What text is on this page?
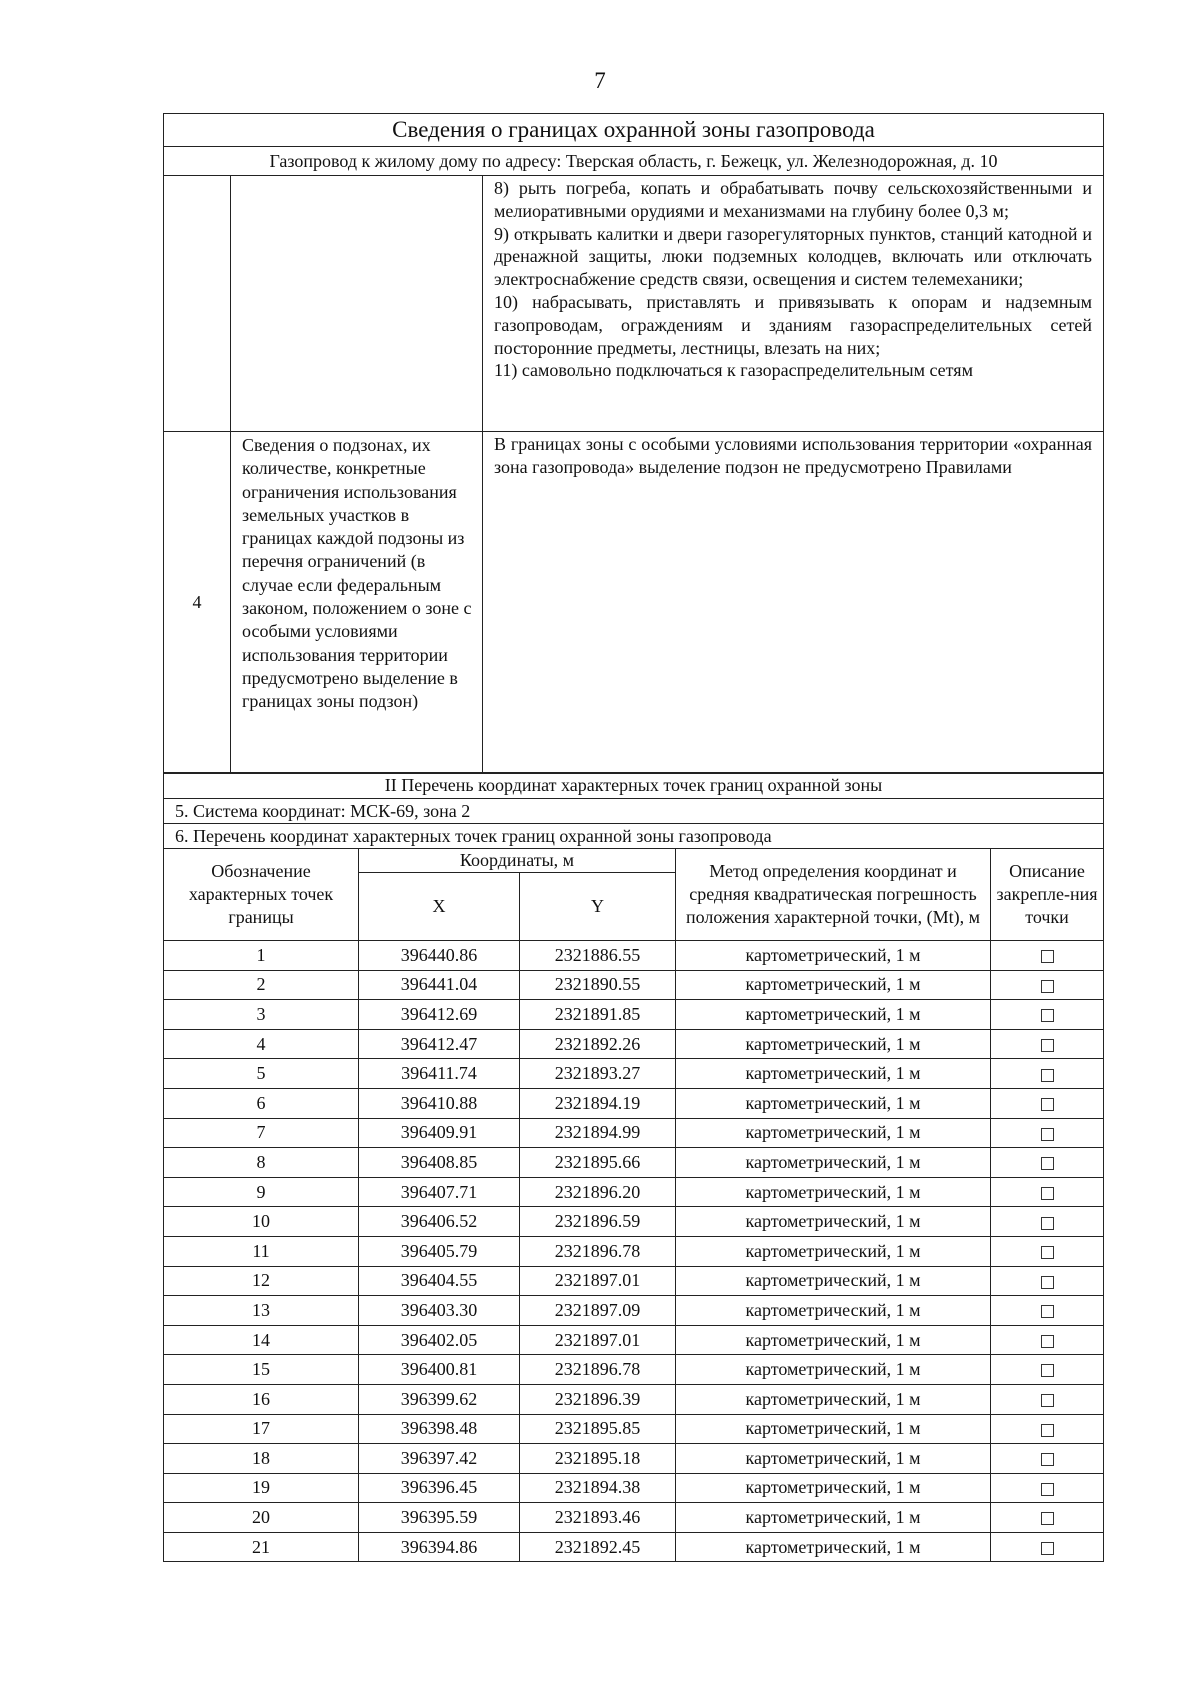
7
Сведения о границах охранной зоны газопровода		
Газопровод к жилому дому по адресу: Тверская область, г. Бежецк, ул. Железнодорожная, д. 10		

		8) рыть погреба, копать и обрабатывать почву сельскохозяйственными и мелиоративными орудиями и механизмами на глубину более 0,3 м;
9) открывать калитки и двери газорегуляторных пунктов, станций катодной и дренажной защиты, люки подземных колодцев, включать или отключать электроснабжение средств связи, освещения и систем телемеханики;
10) набрасывать, приставлять и привязывать к опорам и надземным газопроводам, ограждениям и зданиям газораспределительных сетей посторонние предметы, лестницы, влезать на них;
11) самовольно подключаться к газораспределительным сетям

4	Сведения о подзонах, их количестве, конкретные ограничения использования земельных участков в границах каждой подзоны из перечня ограничений (в случае если федеральным законом, положением о зоне с особыми условиями использования территории предусмотрено выделение в границах зоны подзон)	В границах зоны с особыми условиями использования территории «охранная зона газопровода» выделение подзон не предусмотрено Правилами
II Перечень координат характерных точек границ охранной зоны				
5. Система координат: МСК-69, зона 2				
6. Перечень координат характерных точек границ охранной зоны газопровода				
Обозначение характерных точек границы	Координаты, м		Метод определения координат и средняя квадратическая погрешность положения характерной точки, (Mt), м	Описание закрепле-ния точки
	X	Y		
1	396440.86	2321886.55	картометрический, 1 м	
2	396441.04	2321890.55	картометрический, 1 м	
3	396412.69	2321891.85	картометрический, 1 м	
4	396412.47	2321892.26	картометрический, 1 м	
5	396411.74	2321893.27	картометрический, 1 м	
6	396410.88	2321894.19	картометрический, 1 м	
7	396409.91	2321894.99	картометрический, 1 м	
8	396408.85	2321895.66	картометрический, 1 м	
9	396407.71	2321896.20	картометрический, 1 м	
10	396406.52	2321896.59	картометрический, 1 м	
11	396405.79	2321896.78	картометрический, 1 м	
12	396404.55	2321897.01	картометрический, 1 м	
13	396403.30	2321897.09	картометрический, 1 м	
14	396402.05	2321897.01	картометрический, 1 м	
15	396400.81	2321896.78	картометрический, 1 м	
16	396399.62	2321896.39	картометрический, 1 м	
17	396398.48	2321895.85	картометрический, 1 м	
18	396397.42	2321895.18	картометрический, 1 м	
19	396396.45	2321894.38	картометрический, 1 м	
20	396395.59	2321893.46	картометрический, 1 м	
21	396394.86	2321892.45	картометрический, 1 м	
